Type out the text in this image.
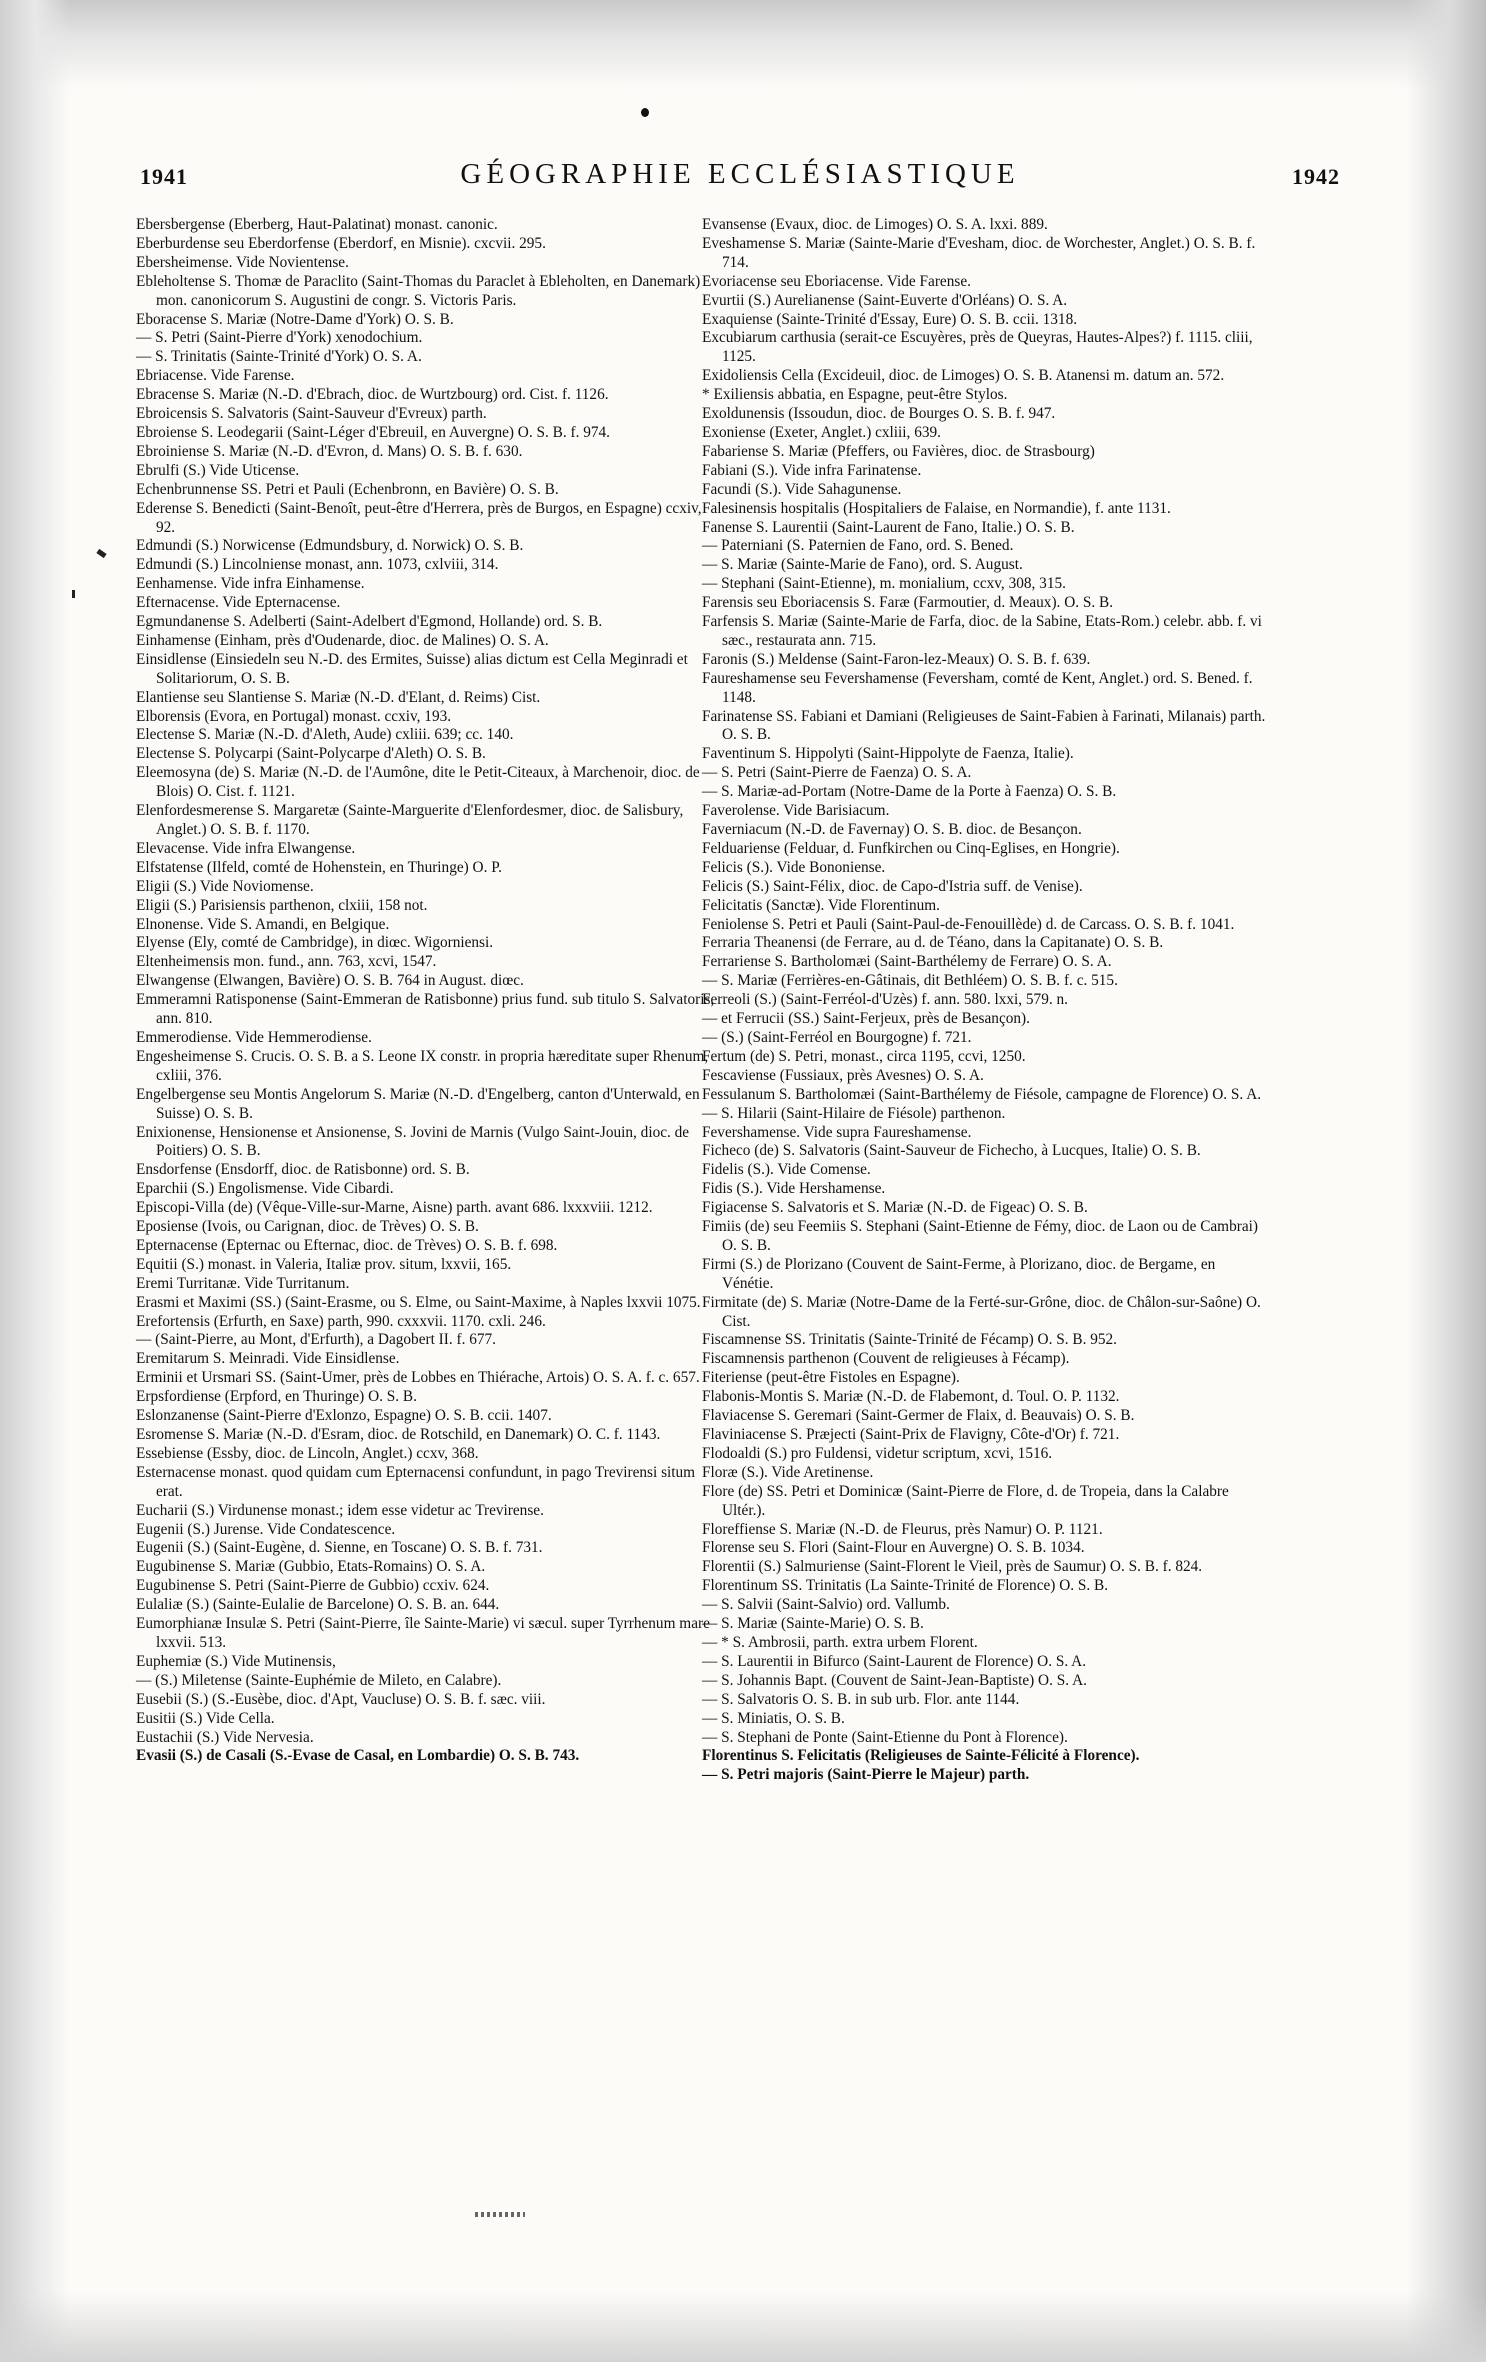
1941	GÉOGRAPHIE ECCLÉSIASTIQUE	1942

Ebersbergense (Eberberg, Haut-Palatinat) monast. canonic.

Eberburdense seu Eberdorfense (Eberdorf, en Misnie). cxcvii. 295.

Ebersheimense. Vide Novientense.

Ebleholtense S. Thomæ de Paraclito (Saint-Thomas du Paraclet à Ebleholten, en Danemark) mon. canonicorum S. Augustini de congr. S. Victoris Paris.

Eboracense S. Mariæ (Notre-Dame d'York) O. S. B.

— S. Petri (Saint-Pierre d'York) xenodochium.

— S. Trinitatis (Sainte-Trinité d'York) O. S. A.

Ebriacense. Vide Farense.

Ebracense S. Mariæ (N.-D. d'Ebrach, dioc. de Wurtzbourg) ord. Cist. f. 1126.

Ebroicensis S. Salvatoris (Saint-Sauveur d'Evreux) parth.

Ebroiense S. Leodegarii (Saint-Léger d'Ebreuil, en Auvergne) O. S. B. f. 974.

Ebroiniense S. Mariæ (N.-D. d'Evron, d. Mans) O. S. B. f. 630.

Ebrulfi (S.) Vide Uticense.

Echenbrunnense SS. Petri et Pauli (Echenbronn, en Bavière) O. S. B.

Ederense S. Benedicti (Saint-Benoît, peut-être d'Herrera, près de Burgos, en Espagne) ccxiv, 92.

Edmundi (S.) Norwicense (Edmundsbury, d. Norwick) O. S. B.

Edmundi (S.) Lincolniense monast, ann. 1073, cxlviii, 314.

Eenhamense. Vide infra Einhamense.

Efternacense. Vide Epternacense.

Egmundanense S. Adelberti (Saint-Adelbert d'Egmond, Hollande) ord. S. B.

Einhamense (Einham, près d'Oudenarde, dioc. de Malines) O. S. A.

Einsidlense (Einsiedeln seu N.-D. des Ermites, Suisse) alias dictum est Cella Meginradi et Solitariorum, O. S. B.

Elantiense seu Slantiense S. Mariæ (N.-D. d'Elant, d. Reims) Cist.

Elborensis (Evora, en Portugal) monast. ccxiv, 193.

Electense S. Mariæ (N.-D. d'Aleth, Aude) cxliii. 639; cc. 140.

Electense S. Polycarpi (Saint-Polycarpe d'Aleth) O. S. B.

Eleemosyna (de) S. Mariæ (N.-D. de l'Aumône, dite le Petit-Citeaux, à Marchenoir, dioc. de Blois) O. Cist. f. 1121.

Elenfordesmerense S. Margaretæ (Sainte-Marguerite d'Elenfordesmer, dioc. de Salisbury, Anglet.) O. S. B. f. 1170.

Elevacense. Vide infra Elwangense.

Elfstatense (Ilfeld, comté de Hohenstein, en Thuringe) O. P.

Eligii (S.) Vide Noviomense.

Eligii (S.) Parisiensis parthenon, clxiii, 158 not.

Elnonense. Vide S. Amandi, en Belgique.

Elyense (Ely, comté de Cambridge), in diœc. Wigorniensi.

Eltenheimensis mon. fund., ann. 763, xcvi, 1547.

Elwangense (Elwangen, Bavière) O. S. B. 764 in August. diœc.

Emmeramni Ratisponense (Saint-Emmeran de Ratisbonne) prius fund. sub titulo S. Salvatoris, ann. 810.

Emmerodiense. Vide Hemmerodiense.

Engesheimense S. Crucis. O. S. B. a S. Leone IX constr. in propria hæreditate super Rhenum, cxliii, 376.

Engelbergense seu Montis Angelorum S. Mariæ (N.-D. d'Engelberg, canton d'Unterwald, en Suisse) O. S. B.

Enixionense, Hensionense et Ansionense, S. Jovini de Marnis (Vulgo Saint-Jouin, dioc. de Poitiers) O. S. B.

Ensdorfense (Ensdorff, dioc. de Ratisbonne) ord. S. B.

Eparchii (S.) Engolismense. Vide Cibardi.

Episcopi-Villa (de) (Vêque-Ville-sur-Marne, Aisne) parth. avant 686. lxxxviii. 1212.

Eposiense (Ivois, ou Carignan, dioc. de Trèves) O. S. B.

Epternacense (Epternac ou Efternac, dioc. de Trèves) O. S. B. f. 698.

Equitii (S.) monast. in Valeria, Italiæ prov. situm, lxxvii, 165.

Eremi Turritanæ. Vide Turritanum.

Erasmi et Maximi (SS.) (Saint-Erasme, ou S. Elme, ou Saint-Maxime, à Naples lxxvii 1075.

Erefortensis (Erfurth, en Saxe) parth, 990. cxxxvii. 1170. cxli. 246.

— (Saint-Pierre, au Mont, d'Erfurth), a Dagobert II. f. 677.

Eremitarum S. Meinradi. Vide Einsidlense.

Erminii et Ursmari SS. (Saint-Umer, près de Lobbes en Thiérache, Artois) O. S. A. f. c. 657.

Erpsfordiense (Erpford, en Thuringe) O. S. B.

Eslonzanense (Saint-Pierre d'Exlonzo, Espagne) O. S. B. ccii. 1407.

Esromense S. Mariæ (N.-D. d'Esram, dioc. de Rotschild, en Danemark) O. C. f. 1143.

Essebiense (Essby, dioc. de Lincoln, Anglet.) ccxv, 368.

Esternacense monast. quod quidam cum Epternacensi confundunt, in pago Trevirensi situm erat.

Eucharii (S.) Virdunense monast.; idem esse videtur ac Trevirense.

Eugenii (S.) Jurense. Vide Condatescence.

Eugenii (S.) (Saint-Eugène, d. Sienne, en Toscane) O. S. B. f. 731.

Eugubinense S. Mariæ (Gubbio, Etats-Romains) O. S. A.

Eugubinense S. Petri (Saint-Pierre de Gubbio) ccxiv. 624.

Eulaliæ (S.) (Sainte-Eulalie de Barcelone) O. S. B. an. 644.

Eumorphianæ Insulæ S. Petri (Saint-Pierre, île Sainte-Marie) vi sæcul. super Tyrrhenum mare lxxvii. 513.

Euphemiæ (S.) Vide Mutinensis,

— (S.) Miletense (Sainte-Euphémie de Mileto, en Calabre).

Eusebii (S.) (S.-Eusèbe, dioc. d'Apt, Vaucluse) O. S. B. f. sæc. viii.

Eusitii (S.) Vide Cella.

Eustachii (S.) Vide Nervesia.

Evasii (S.) de Casali (S.-Evase de Casal, en Lombardie) O. S. B. 743.

Evansense (Evaux, dioc. de Limoges) O. S. A. lxxi. 889.

Eveshamense S. Mariæ (Sainte-Marie d'Evesham, dioc. de Worchester, Anglet.) O. S. B. f. 714.

Evoriacense seu Eboriacense. Vide Farense.

Evurtii (S.) Aurelianense (Saint-Euverte d'Orléans) O. S. A.

Exaquiense (Sainte-Trinité d'Essay, Eure) O. S. B. ccii. 1318.

Excubiarum carthusia (serait-ce Escuyères, près de Queyras, Hautes-Alpes?) f. 1115. cliii, 1125.

Exidoliensis Cella (Excideuil, dioc. de Limoges) O. S. B. Atanensi m. datum an. 572.

* Exiliensis abbatia, en Espagne, peut-être Stylos.

Exoldunensis (Issoudun, dioc. de Bourges O. S. B. f. 947.

Exoniense (Exeter, Anglet.) cxliii, 639.

Fabariense S. Mariæ (Pfeffers, ou Favières, dioc. de Strasbourg)

Fabiani (S.). Vide infra Farinatense.

Facundi (S.). Vide Sahagunense.

Falesinensis hospitalis (Hospitaliers de Falaise, en Normandie), f. ante 1131.

Fanense S. Laurentii (Saint-Laurent de Fano, Italie.) O. S. B.

— Paterniani (S. Paternien de Fano, ord. S. Bened.

— S. Mariæ (Sainte-Marie de Fano), ord. S. August.

— Stephani (Saint-Etienne), m. monialium, ccxv, 308, 315.

Farensis seu Eboriacensis S. Faræ (Farmoutier, d. Meaux). O. S. B.

Farfensis S. Mariæ (Sainte-Marie de Farfa, dioc. de la Sabine, Etats-Rom.) celebr. abb. f. vi sæc., restaurata ann. 715.

Faronis (S.) Meldense (Saint-Faron-lez-Meaux) O. S. B. f. 639.

Faureshamense seu Fevershamense (Feversham, comté de Kent, Anglet.) ord. S. Bened. f. 1148.

Farinatense SS. Fabiani et Damiani (Religieuses de Saint-Fabien à Farinati, Milanais) parth. O. S. B.

Faventinum S. Hippolyti (Saint-Hippolyte de Faenza, Italie).

— S. Petri (Saint-Pierre de Faenza) O. S. A.

— S. Mariæ-ad-Portam (Notre-Dame de la Porte à Faenza) O. S. B.

Faverolense. Vide Barisiacum.

Faverniacum (N.-D. de Favernay) O. S. B. dioc. de Besançon.

Felduariense (Felduar, d. Funfkirchen ou Cinq-Eglises, en Hongrie).

Felicis (S.). Vide Bononiense.

Felicis (S.) Saint-Félix, dioc. de Capo-d'Istria suff. de Venise).

Felicitatis (Sanctæ). Vide Florentinum.

Feniolense S. Petri et Pauli (Saint-Paul-de-Fenouillède) d. de Carcass. O. S. B. f. 1041.

Ferraria Theanensi (de Ferrare, au d. de Téano, dans la Capitanate) O. S. B.

Ferrariense S. Bartholomæi (Saint-Barthélemy de Ferrare) O. S. A.

— S. Mariæ (Ferrières-en-Gâtinais, dit Bethléem) O. S. B. f. c. 515.

Ferreoli (S.) (Saint-Ferréol-d'Uzès) f. ann. 580. lxxi, 579. n.

— et Ferrucii (SS.) Saint-Ferjeux, près de Besançon).

— (S.) (Saint-Ferréol en Bourgogne) f. 721.

Fertum (de) S. Petri, monast., circa 1195, ccvi, 1250.

Fescaviense (Fussiaux, près Avesnes) O. S. A.

Fessulanum S. Bartholomæi (Saint-Barthélemy de Fiésole, campagne de Florence) O. S. A.

— S. Hilarii (Saint-Hilaire de Fiésole) parthenon.

Fevershamense. Vide supra Faureshamense.

Ficheco (de) S. Salvatoris (Saint-Sauveur de Fichecho, à Lucques, Italie) O. S. B.

Fidelis (S.). Vide Comense.

Fidis (S.). Vide Hershamense.

Figiacense S. Salvatoris et S. Mariæ (N.-D. de Figeac) O. S. B.

Fimiis (de) seu Feemiis S. Stephani (Saint-Etienne de Fémy, dioc. de Laon ou de Cambrai) O. S. B.

Firmi (S.) de Plorizano (Couvent de Saint-Ferme, à Plorizano, dioc. de Bergame, en Vénétie.

Firmitate (de) S. Mariæ (Notre-Dame de la Ferté-sur-Grône, dioc. de Châlon-sur-Saône) O. Cist.

Fiscamnense SS. Trinitatis (Sainte-Trinité de Fécamp) O. S. B. 952.

Fiscamnensis parthenon (Couvent de religieuses à Fécamp).

Fiteriense (peut-être Fistoles en Espagne).

Flabonis-Montis S. Mariæ (N.-D. de Flabemont, d. Toul. O. P. 1132.

Flaviacense S. Geremari (Saint-Germer de Flaix, d. Beauvais) O. S. B.

Flaviniacense S. Præjecti (Saint-Prix de Flavigny, Côte-d'Or) f. 721.

Flodoaldi (S.) pro Fuldensi, videtur scriptum, xcvi, 1516.

Floræ (S.). Vide Aretinense.

Flore (de) SS. Petri et Dominicæ (Saint-Pierre de Flore, d. de Tropeia, dans la Calabre Ultér.).

Floreffiense S. Mariæ (N.-D. de Fleurus, près Namur) O. P. 1121.

Florense seu S. Flori (Saint-Flour en Auvergne) O. S. B. 1034.

Florentii (S.) Salmuriense (Saint-Florent le Vieil, près de Saumur) O. S. B. f. 824.

Florentinum SS. Trinitatis (La Sainte-Trinité de Florence) O. S. B.

— S. Salvii (Saint-Salvio) ord. Vallumb.

— S. Mariæ (Sainte-Marie) O. S. B.

— * S. Ambrosii, parth. extra urbem Florent.

— S. Laurentii in Bifurco (Saint-Laurent de Florence) O. S. A.

— S. Johannis Bapt. (Couvent de Saint-Jean-Baptiste) O. S. A.

— S. Salvatoris O. S. B. in sub urb. Flor. ante 1144.

— S. Miniatis, O. S. B.

— S. Stephani de Ponte (Saint-Etienne du Pont à Florence).

Florentinus S. Felicitatis (Religieuses de Sainte-Félicité à Florence).

— S. Petri majoris (Saint-Pierre le Majeur) parth.
